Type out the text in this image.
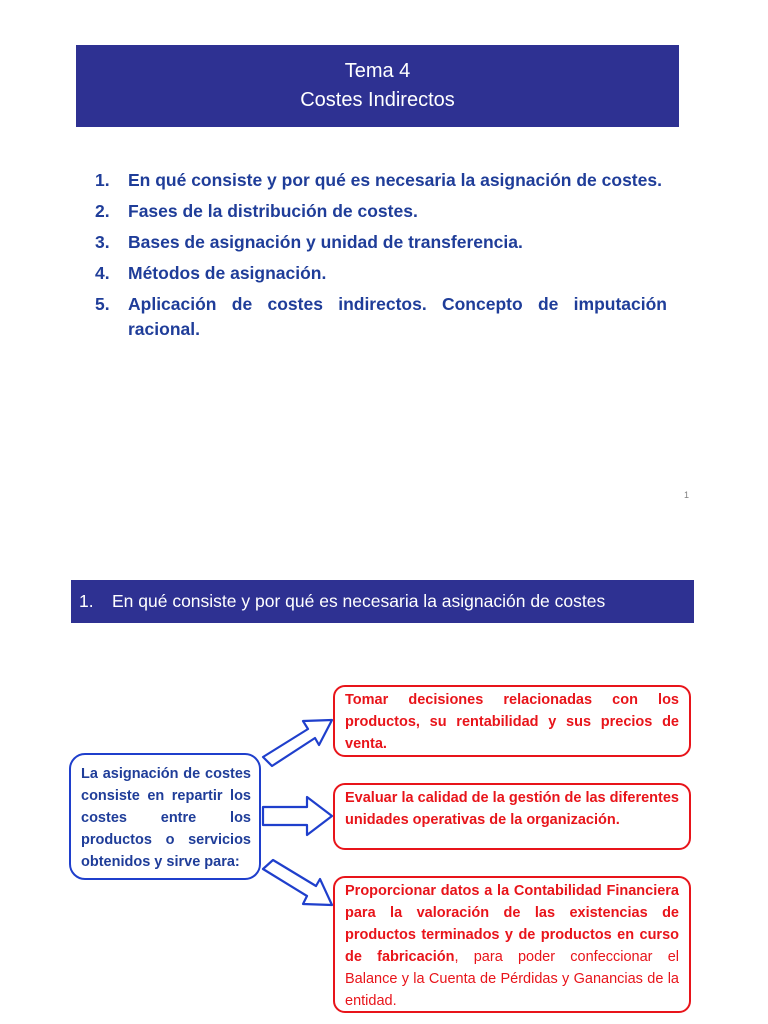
Tema 4
Costes Indirectos
1.	En qué consiste y por qué es necesaria la asignación de costes.
2.	Fases de la distribución de costes.
3.	Bases de asignación y unidad de transferencia.
4.	Métodos de asignación.
5.	Aplicación de costes indirectos. Concepto de imputación racional.
1
1.	En qué consiste y por qué es necesaria la asignación de costes
La asignación de costes consiste en repartir los costes entre los productos o servicios obtenidos y sirve para:
Tomar decisiones relacionadas con los productos, su rentabilidad y sus precios de venta.
Evaluar la calidad de la gestión de las diferentes unidades operativas de la organización.
Proporcionar datos a la Contabilidad Financiera para la valoración de las existencias de productos terminados y de productos en curso de fabricación, para poder confeccionar el Balance y la Cuenta de Pérdidas y Ganancias de la entidad.
